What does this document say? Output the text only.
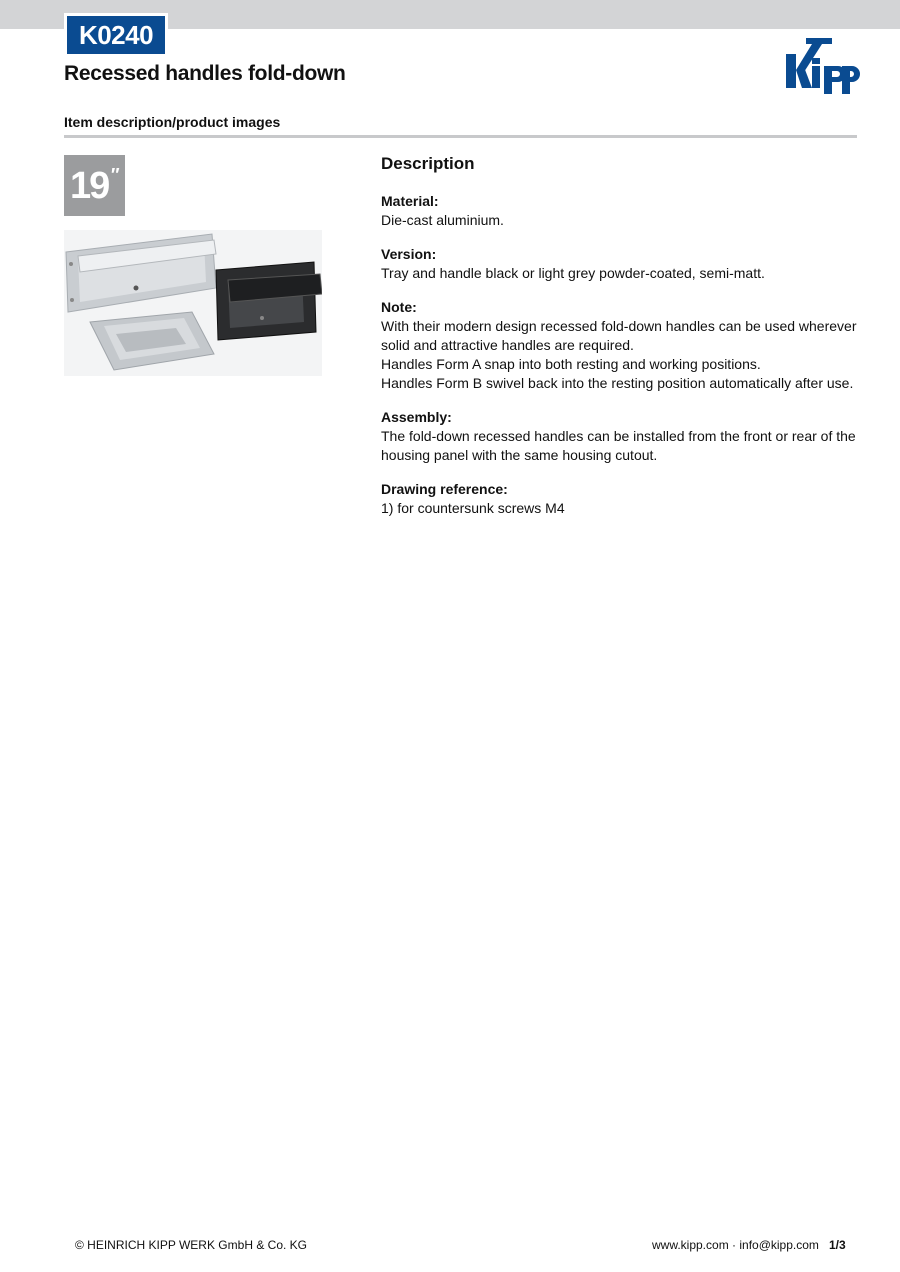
K0240
Recessed handles fold-down
Item description/product images
19 ″
Description
Material:
Die-cast aluminium.
Version:
Tray and handle black or light grey powder-coated, semi-matt.
Note:
With their modern design recessed fold-down handles can be used wherever solid and attractive handles are required.
Handles Form A snap into both resting and working positions.
Handles Form B swivel back into the resting position automatically after use.
Assembly:
The fold-down recessed handles can be installed from the front or rear of the housing panel with the same housing cutout.
Drawing reference:
1) for countersunk screws M4
© HEINRICH KIPP WERK GmbH & Co. KG	www.kipp.com · info@kipp.com 1/3
